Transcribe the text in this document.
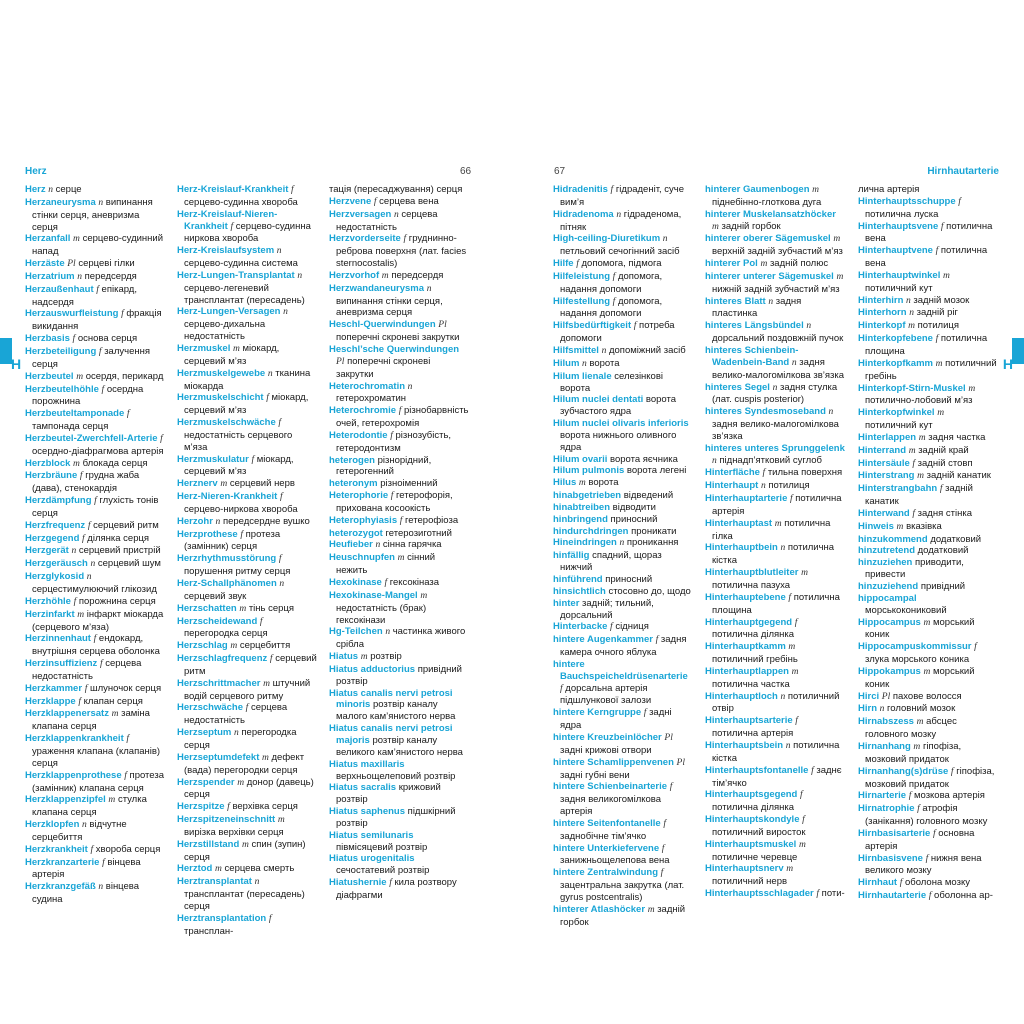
Herz	66
H
Herz n серце
Herzaneurysma n випинання стінки серця, аневризма серця
Herzanfall m серцево-судинний напад
Herzäste Pl серцеві гілки
Herzatrium n передсердя
Herzaußenhaut f епікард, надсердя
Herzauswurfleistung f фракція викидання
Herzbasis f основа серця
Herzbeteiligung f залучення серця
Herzbeutel m осердя, перикард
Herzbeutelhöhle f осердна порожнина
Herzbeuteltamponade f тампонада серця
Herzbeutel-Zwerchfell-Arterie f осердно-діафрагмова артерія
Herzblock m блокада серця
Herzbräune f грудна жаба (дава), стенокардія
Herzdämpfung f глухість тонів серця
Herzfrequenz f серцевий ритм
Herzgegend f ділянка серця
Herzgerät n серцевий пристрій
Herzgeräusch n серцевий шум
Herzglykosid n серцестимулюючий глікозид
Herzhöhle f порожнина серця
Herzinfarkt m інфаркт міокарда (серцевого м’яза)
Herzinnenhaut f ендокард, внутрішня серцева оболонка
Herzinsuffizienz f серцева недостатність
Herzkammer f шлуночок серця
Herzklappe f клапан серця
Herzklappenersatz m заміна клапана серця
Herzklappenkrankheit f ураження клапана (клапанів) серця
Herzklappenprothese f протеза (замінник) клапана серця
Herzklappenzipfel m стулка клапана серця
Herzklopfen n відчутне серцебиття
Herzkrankheit f хвороба серця
Herzkranzarterie f вінцева артерія
Herzkranzgefäß n вінцева судина
Herz-Kreislauf-Krankheit f серцево-судинна хвороба
Herz-Kreislauf-Nieren-Krankheit f серцево-судинна ниркова хвороба
Herz-Kreislaufsystem n серцево-судинна система
Herz-Lungen-Transplantat n серцево-легеневий трансплантат (пересадень)
Herz-Lungen-Versagen n серцево-дихальна недостатність
Herzmuskel m міокард, серцевий м’яз
Herzmuskelgewebe n тканина міокарда
Herzmuskelschicht f міокард, серцевий м’яз
Herzmuskelschwäche f недостатність серцевого м’яза
Herzmuskulatur f міокард, серцевий м’яз
Herznerv m серцевий нерв
Herz-Nieren-Krankheit f серцево-ниркова хвороба
Herzohr n передсердне вушко
Herzprothese f протеза (замінник) серця
Herzrhythmusstörung f порушення ритму серця
Herz-Schallphänomen n серцевий звук
Herzschatten m тінь серця
Herzscheidewand f перегородка серця
Herzschlag m серцебиття
Herzschlagfrequenz f серцевий ритм
Herzschrittmacher m штучний водій серцевого ритму
Herzschwäche f серцева недостатність
Herzseptum n перегородка серця
Herzseptumdefekt m дефект (вада) перегородки серця
Herzspender m донор (давець) серця
Herzspitze f верхівка серця
Herzspitzeneinschnitt m вирізка верхівки серця
Herzstillstand m спин (зупин) серця
Herztod m серцева смерть
Herztransplantat n трансплантат (пересадень) серця
Herztransplantation f трансплан-
тація (пересаджування) серця
Herzvene f серцева вена
Herzversagen n серцева недостатність
Herzvorderseite f груднинно-реброва поверхня (лат. facies sternocostalis)
Herzvorhof m передсердя
Herzwandaneurysma n випинання стінки серця, аневризма серця
Heschl-Querwindungen Pl поперечні скроневі закрутки
Heschl’sche Querwindungen Pl поперечні скроневі закрутки
Heterochromatin n гетерохроматин
Heterochromie f різнобарвність очей, гетерохромія
Heterodontie f різнозубість, гетеродонтизм
heterogen різнорідний, гетерогенний
heteronym різноіменний
Heterophorie f гетерофорія, прихована косоокість
Heterophyiasis f гетерофіоза
heterozygot гетерозиготний
Heufieber n сінна гарячка
Heuschnupfen m сінний нежить
Hexokinase f гексокіназа
Hexokinase-Mangel m недостатність (брак) гексокінази
Hg-Teilchen n частинка живого срібла
Hiatus m розтвір
Hiatus adductorius привідний розтвір
Hiatus canalis nervi petrosi minoris розтвір каналу малого кам’янистого нерва
Hiatus canalis nervi petrosi majoris розтвір каналу великого кам’янистого нерва
Hiatus maxillaris верхньощелеповий розтвір
Hiatus sacralis крижовий розтвір
Hiatus saphenus підшкірний розтвір
Hiatus semilunaris півмісяцевий розтвір
Hiatus urogenitalis сечостатевий розтвір
Hiatushernie f кила розтвору діафрагми
67	Hirnhautarterie
H
Hidradenitis f гідраденіт, суче вим’я
Hidradenoma n гідраденома, пітняк
High-ceiling-Diuretikum n петльовий сечогінний засіб
Hilfe f допомога, підмога
Hilfeleistung f допомога, надання допомоги
Hilfestellung f допомога, надання допомоги
Hilfsbedürftigkeit f потреба допомоги
Hilfsmittel n допоміжний засіб
Hilum n ворота
Hilum lienale селезінкові ворота
Hilum nuclei dentati ворота зубчастого ядра
Hilum nuclei olivaris inferioris ворота нижнього оливного ядра
Hilum ovarii ворота яєчника
Hilum pulmonis ворота легені
Hilus m ворота
hinabgetrieben відведений
hinabtreiben відводити
hinbringend приносний
hindurchdringen проникати
Hineindringen n проникання
hinfällig спадний, щораз нижчий
hinführend приносний
hinsichtlich стосовно до, щодо
hinter задній; тильний, дорсальний
Hinterbacke f сідниця
hintere Augenkammer f задня камера очного яблука
hintere Bauchspeicheldrüsenarterie f дорсальна артерія підшлункової залози
hintere Kerngruppe f задні ядра
hintere Kreuzbeinlöcher Pl задні крижові отвори
hintere Schamlippenvenen Pl задні губні вени
hintere Schienbeinarterie f задня великогомілкова артерія
hintere Seitenfontanelle f заднобічне тім’ячко
hintere Unterkiefervene f занижньощелепова вена
hintere Zentralwindung f зацентральна закрутка (лат. gyrus postcentralis)
hinterer Atlashöcker m задній горбок
hinterer Gaumenbogen m піднебінно-глоткова дуга
hinterer Muskelansatzhöcker m задній горбок
hinterer oberer Sägemuskel m верхній задній зубчастий м’яз
hinterer Pol m задній полюс
hinterer unterer Sägemuskel m нижній задній зубчастий м’яз
hinteres Blatt n задня пластинка
hinteres Längsbündel n дорсальний поздовжній пучок
hinteres Schienbein-Wadenbein-Band n задня велико-малогомілкова зв’язка
hinteres Segel n задня стулка (лат. cuspis posterior)
hinteres Syndesmoseband n задня велико-малогомілкова зв’язка
hinteres unteres Sprunggelenk n піднадп’ятковий суглоб
Hinterfläche f тильна поверхня
Hinterhaupt n потилиця
Hinterhauptarterie f потилична артерія
Hinterhauptast m потилична гілка
Hinterhauptbein n потилична кістка
Hinterhauptblutleiter m потилична пазуха
Hinterhauptebene f потилична площина
Hinterhauptgegend f потилична ділянка
Hinterhauptkamm m потиличний гребінь
Hinterhauptlappen m потилична частка
Hinterhauptloch n потиличний отвір
Hinterhauptsarterie f потилична артерія
Hinterhauptsbein n потилична кістка
Hinterhauptsfontanelle f заднє тім’ячко
Hinterhauptsgegend f потилична ділянка
Hinterhauptskondyle f потиличний виросток
Hinterhauptsmuskel m потиличне черевце
Hinterhauptsnerv m потиличний нерв
Hinterhauptsschlagader f поти-
лична артерія
Hinterhauptsschuppe f потилична луска
Hinterhauptsvene f потилична вена
Hinterhauptvene f потилична вена
Hinterhauptwinkel m потиличний кут
Hinterhirn n задній мозок
Hinterhorn n задній ріг
Hinterkopf m потилиця
Hinterkopfebene f потилична площина
Hinterkopfkamm m потиличний гребінь
Hinterkopf-Stirn-Muskel m потилично-лобовий м’яз
Hinterkopfwinkel m потиличний кут
Hinterlappen m задня частка
Hinterrand m задній край
Hintersäule f задній стовп
Hinterstrang m задній канатик
Hinterstrangbahn f задній канатик
Hinterwand f задня стінка
Hinweis m вказівка
hinzukommend додатковий
hinzutretend додатковий
hinzuziehen приводити, привести
hinzuziehend привідний
hippocampal морськокониковий
Hippocampus m морський коник
Hippocampuskommissur f злука морського коника
Hippokampus m морський коник
Hirci Pl пахове волосся
Hirn n головний мозок
Hirnabszess m абсцес головного мозку
Hirnanhang m гіпофіза, мозковий придаток
Hirnanhang(s)drüse f гіпофіза, мозковий придаток
Hirnarterie f мозкова артерія
Hirnatrophie f атрофія (занікання) головного мозку
Hirnbasisarterie f основна артерія
Hirnbasisvene f нижня вена великого мозку
Hirnhaut f оболона мозку
Hirnhautarterie f оболонна ар-
